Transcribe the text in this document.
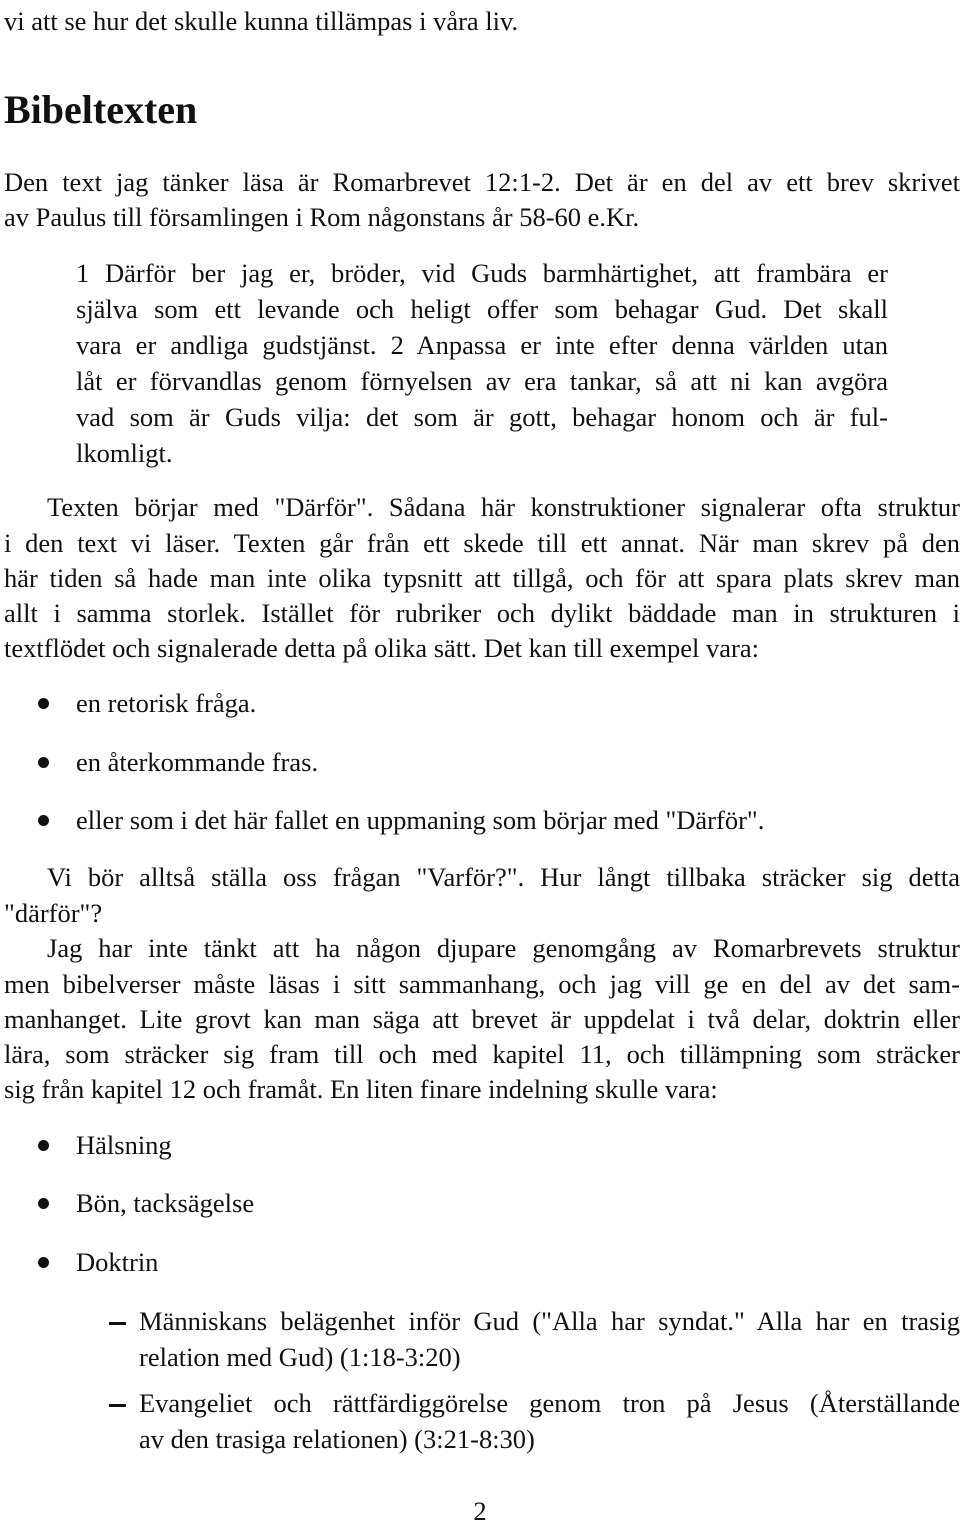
vi att se hur det skulle kunna tillämpas i våra liv.

Bibeltexten

Den text jag tänker läsa är Romarbrevet 12:1-2. Det är en del av ett brev skrivet

av Paulus till församlingen i Rom någonstans år 58-60 e.Kr.

1 Därför ber jag er, bröder, vid Guds barmhärtighet, att frambära er

själva som ett levande och heligt offer som behagar Gud. Det skall

vara er andliga gudstjänst. 2 Anpassa er inte efter denna världen utan

låt er förvandlas genom förnyelsen av era tankar, så att ni kan avgöra

vad som är Guds vilja: det som är gott, behagar honom och är ful-

lkomligt.

Texten börjar med "Därför". Sådana här konstruktioner signalerar ofta struktur

i den text vi läser. Texten går från ett skede till ett annat. När man skrev på den

här tiden så hade man inte olika typsnitt att tillgå, och för att spara plats skrev man

allt i samma storlek. Istället för rubriker och dylikt bäddade man in strukturen i

textflödet och signalerade detta på olika sätt. Det kan till exempel vara:

en retorisk fråga.

en återkommande fras.

eller som i det här fallet en uppmaning som börjar med "Därför".

Vi bör alltså ställa oss frågan "Varför?". Hur långt tillbaka sträcker sig detta

"därför"?

Jag har inte tänkt att ha någon djupare genomgång av Romarbrevets struktur

men bibelverser måste läsas i sitt sammanhang, och jag vill ge en del av det sam-

manhanget. Lite grovt kan man säga att brevet är uppdelat i två delar, doktrin eller

lära, som sträcker sig fram till och med kapitel 11, och tillämpning som sträcker

sig från kapitel 12 och framåt. En liten finare indelning skulle vara:

Hälsning

Bön, tacksägelse

Doktrin

Människans belägenhet inför Gud ("Alla har syndat." Alla har en trasig

relation med Gud) (1:18-3:20)

Evangeliet och rättfärdiggörelse genom tron på Jesus (Återställande

av den trasiga relationen) (3:21-8:30)

2
